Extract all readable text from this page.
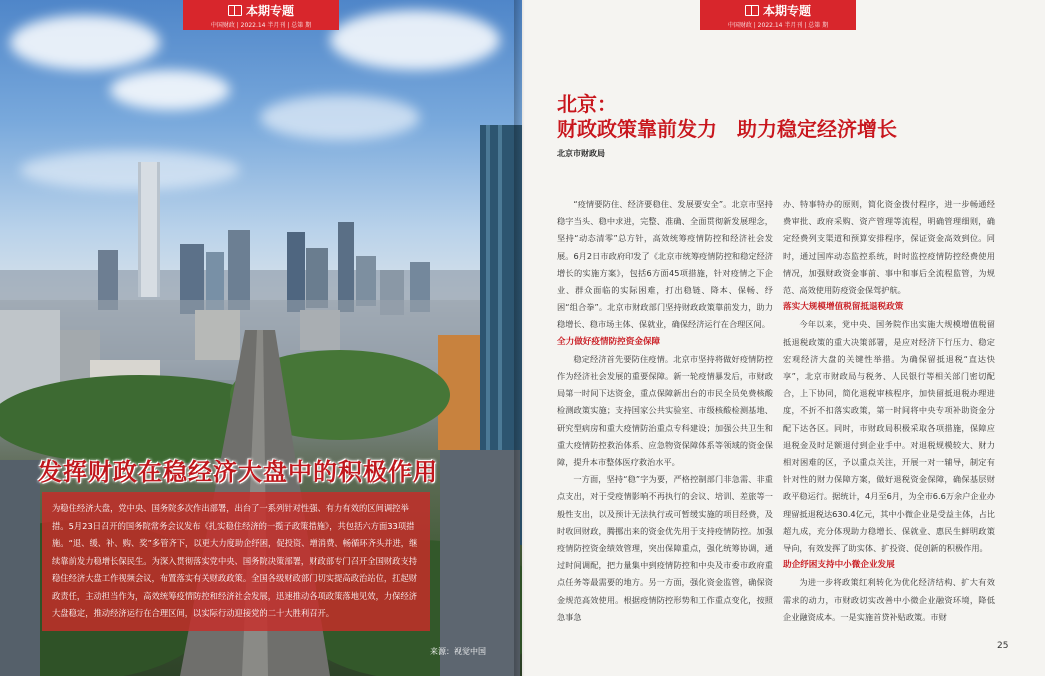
本期专题
中国财政 | 2022.14 半月刊 | 总第 期
发挥财政在稳经济大盘中的积极作用
为稳住经济大盘，党中央、国务院多次作出部署，出台了一系列针对性强、有力有效的区间调控举措。5月23日召开的国务院常务会议发布《扎实稳住经济的一揽子政策措施》，共包括六方面33项措施。“退、缓、补、购、奖”多管齐下，以更大力度助企纾困，促投资、增消费、畅循环齐头并进，继续靠前发力稳增长保民生。为深入贯彻落实党中央、国务院决策部署，财政部专门召开全国财政支持稳住经济大盘工作视频会议，布置落实有关财政政策。全国各级财政部门切实提高政治站位，扛起财政责任，主动担当作为，高效统筹疫情防控和经济社会发展，迅速推动各项政策落地见效，力保经济大盘稳定，推动经济运行在合理区间，以实际行动迎接党的二十大胜利召开。
来源：视觉中国
本期专题
中国财政 | 2022.14 半月刊 | 总第 期
北京：
财政政策靠前发力　助力稳定经济增长
北京市财政局

“疫情要防住、经济要稳住、发展要安全”。北京市坚持稳字当头、稳中求进，完整、准确、全面贯彻新发展理念，坚持“动态清零”总方针，高效统筹疫情防控和经济社会发展。6月2日市政府印发了《北京市统筹疫情防控和稳定经济增长的实施方案》，包括6方面45项措施，针对疫情之下企业、群众面临的实际困难，打出稳链、降本、保畅、纾困“组合拳”。北京市财政部门坚持财政政策靠前发力，助力稳增长、稳市场主体、保就业，确保经济运行在合理区间。

全力做好疫情防控资金保障

稳定经济首先要防住疫情。北京市坚持将做好疫情防控作为经济社会发展的重要保障。新一轮疫情暴发后，市财政局第一时间下达资金，重点保障新出台的市民全员免费核酸检测政策实施；支持国家公共实验室、市级核酸检测基地、研究型病房和重大疫情防治重点专科建设；加强公共卫生和重大疫情防控救治体系、应急物资保障体系等领域的资金保障，提升本市整体医疗救治水平。

一方面，坚持“稳”字为要，严格控制部门非急需、非重点支出，对于受疫情影响不再执行的会议、培训、差旅等一般性支出，以及预计无法执行或可暂缓实施的项目经费，及时收回财政，腾挪出来的资金优先用于支持疫情防控。加强疫情防控资金绩效管理，突出保障重点，强化统筹协调，通过时间调配，把力量集中到疫情防控和中央及市委市政府重点任务等最需要的地方。另一方面，强化资金监管，确保资金规范高效使用。根据疫情防控形势和工作重点变化，按照急事急

办、特事特办的原则，简化资金拨付程序，进一步畅通经费审批、政府采购、资产管理等流程，明确管理细则，确定经费列支渠道和预算安排程序，保证资金高效到位。同时，通过国库动态监控系统，时时监控疫情防控经费使用情况，加强财政资金事前、事中和事后全流程监管，为规范、高效使用防疫资金保驾护航。

落实大规模增值税留抵退税政策

今年以来，党中央、国务院作出实施大规模增值税留抵退税政策的重大决策部署，是应对经济下行压力、稳定宏观经济大盘的关键性举措。为确保留抵退税“直达快享”，北京市财政局与税务、人民银行等相关部门密切配合，上下协同，简化退税审核程序，加快留抵退税办理进度，不折不扣落实政策，第一时间将中央专项补助资金分配下达各区。同时，市财政局积极采取各项措施，保障应退税金及时足额退付到企业手中。对退税规模较大、财力相对困难的区，予以重点关注，开展一对一辅导，制定有针对性的财力保障方案，做好退税资金保障，确保基层财政平稳运行。据统计，4月至6月，为全市6.6万余户企业办理留抵退税达630.4亿元，其中小微企业是受益主体，占比超九成，充分体现助力稳增长、保就业、惠民生鲜明政策导向，有效发挥了助实体、扩投资、促创新的积极作用。

助企纾困支持中小微企业发展

为进一步将政策红利转化为优化经济结构、扩大有效需求的动力，市财政切实改善中小微企业融资环境，降低企业融资成本。一是实施首贷补贴政策。市财

25
